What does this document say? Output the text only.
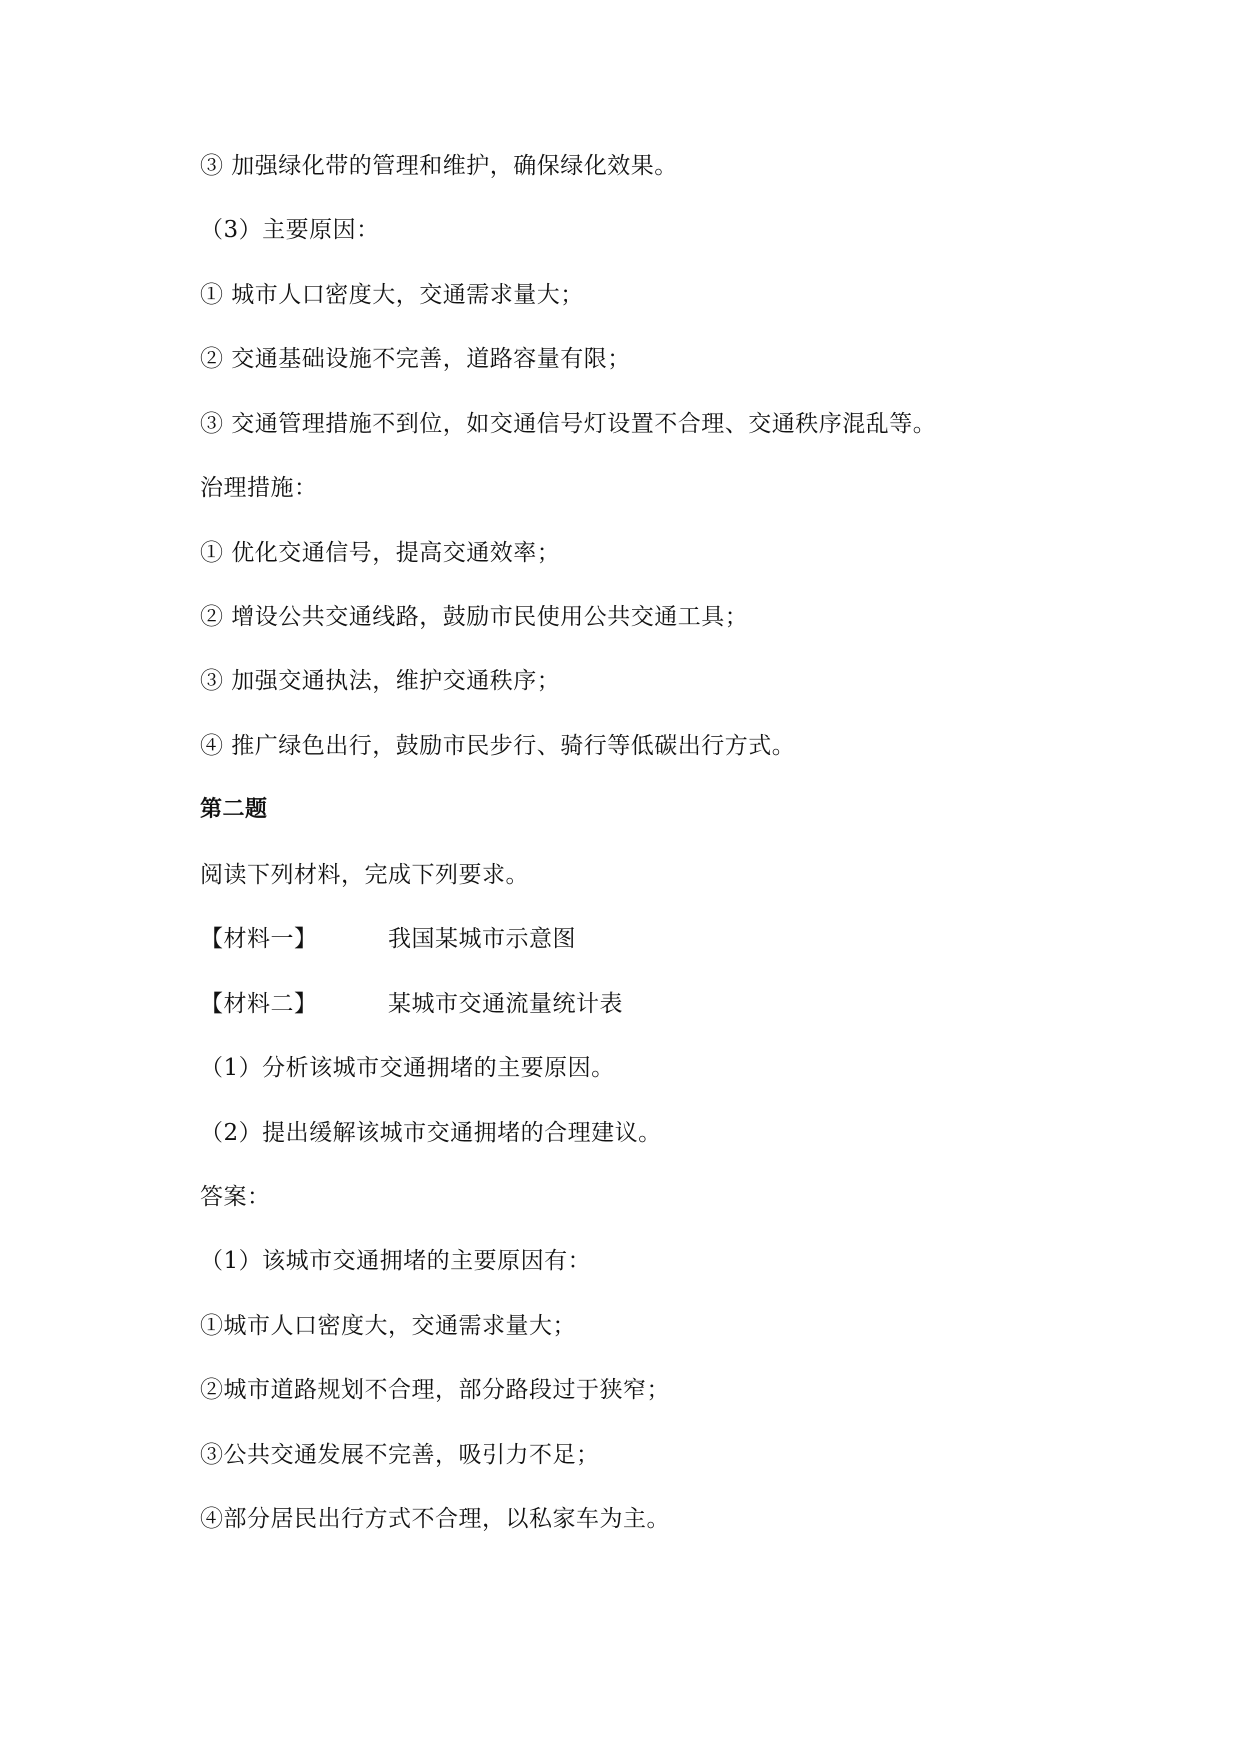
③ 加强绿化带的管理和维护，确保绿化效果。
（3）主要原因：
① 城市人口密度大，交通需求量大；
② 交通基础设施不完善，道路容量有限；
③ 交通管理措施不到位，如交通信号灯设置不合理、交通秩序混乱等。
治理措施：
① 优化交通信号，提高交通效率；
② 增设公共交通线路，鼓励市民使用公共交通工具；
③ 加强交通执法，维护交通秩序；
④ 推广绿色出行，鼓励市民步行、骑行等低碳出行方式。
第二题
阅读下列材料，完成下列要求。
【材料一】	我国某城市示意图
【材料二】	某城市交通流量统计表
（1）分析该城市交通拥堵的主要原因。
（2）提出缓解该城市交通拥堵的合理建议。
答案：
（1）该城市交通拥堵的主要原因有：
①城市人口密度大，交通需求量大；
②城市道路规划不合理，部分路段过于狭窄；
③公共交通发展不完善，吸引力不足；
④部分居民出行方式不合理，以私家车为主。
